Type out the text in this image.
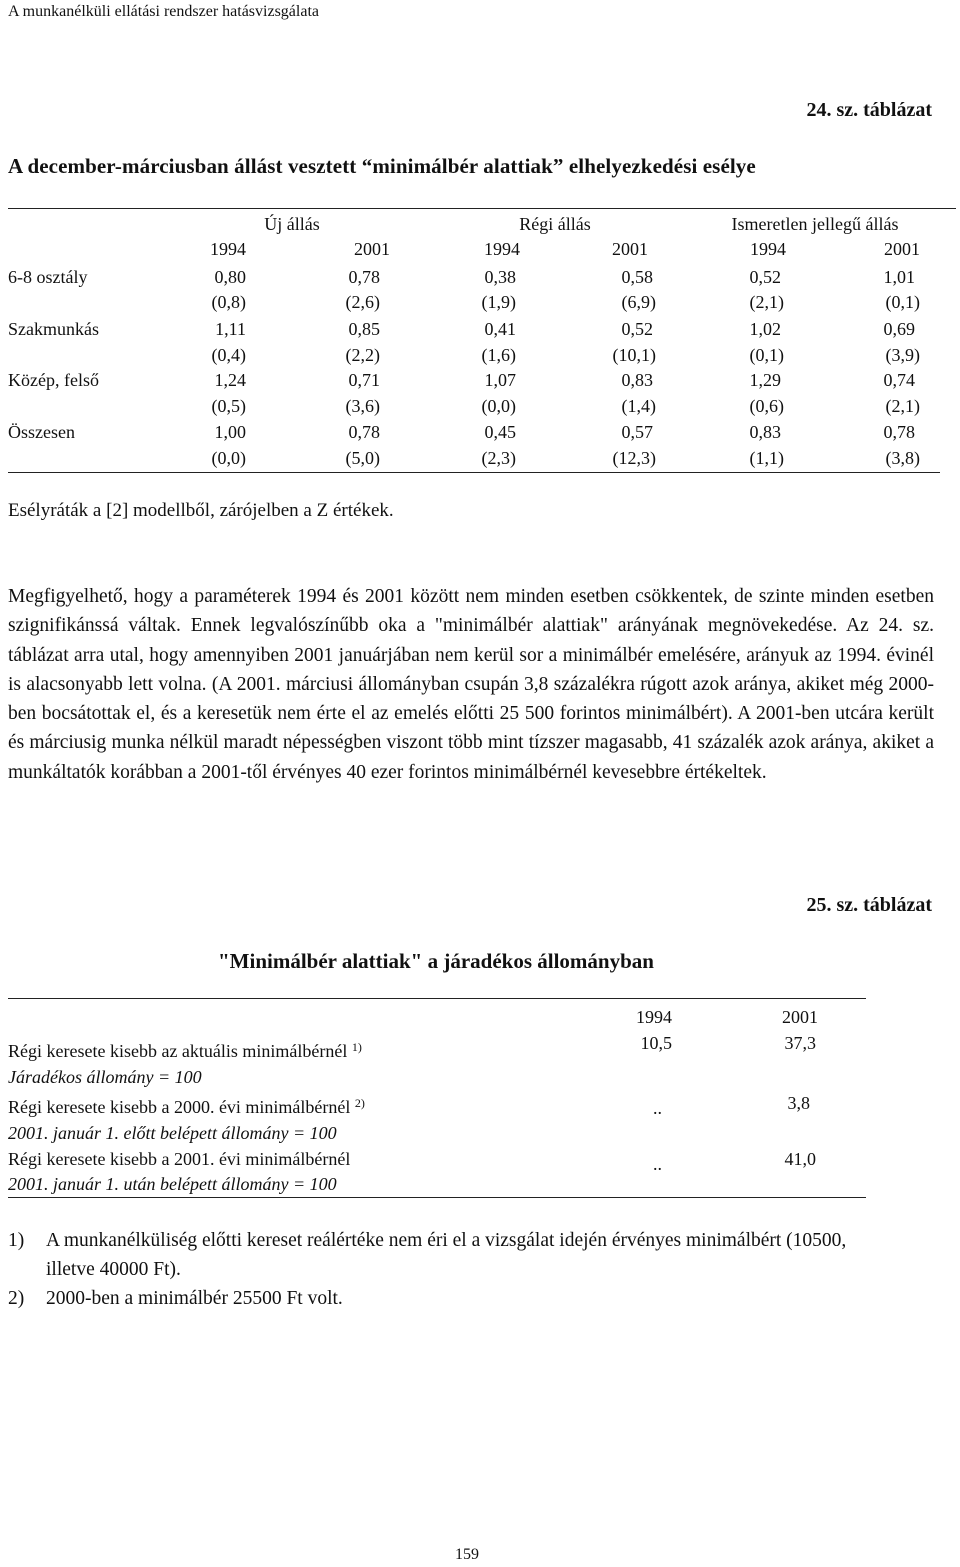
A munkanélküli ellátási rendszer hatásvizsgálata
24. sz. táblázat
A december-márciusban állást vesztett “minimálbér alattiak” elhelyezkedési esélye
Új állás	Régi állás	Ismeretlen jellegű állás
1994	2001	1994	2001	1994	2001
6-8 osztály	0,80	0,78	0,38	0,58	0,52	1,01
(0,8)	(2,6)	(1,9)	(6,9)	(2,1)	(0,1)
Szakmunkás	1,11	0,85	0,41	0,52	1,02	0,69
(0,4)	(2,2)	(1,6)	(10,1)	(0,1)	(3,9)
Közép, felső	1,24	0,71	1,07	0,83	1,29	0,74
(0,5)	(3,6)	(0,0)	(1,4)	(0,6)	(2,1)
Összesen	1,00	0,78	0,45	0,57	0,83	0,78
(0,0)	(5,0)	(2,3)	(12,3)	(1,1)	(3,8)
Esélyráták a [2] modellből, zárójelben a Z értékek.
Megfigyelhető, hogy a paraméterek 1994 és 2001 között nem minden esetben csökkentek, de szinte minden esetben szignifikánssá váltak. Ennek legvalószínűbb oka a "minimálbér alattiak" arányának megnövekedése. Az 24. sz. táblázat arra utal, hogy amennyiben 2001 januárjában nem kerül sor a minimálbér emelésére, arányuk az 1994. évinél is alacsonyabb lett volna. (A 2001. márciusi állományban csupán 3,8 százalékra rúgott azok aránya, akiket még 2000-ben bocsátottak el, és a keresetük nem érte el az emelés előtti 25 500 forintos minimálbért). A 2001-ben utcára került és márciusig munka nélkül maradt népességben viszont több mint tízszer magasabb, 41 százalék azok aránya, akiket a munkáltatók korábban a 2001-től érvényes 40 ezer forintos minimálbérnél kevesebbre értékeltek.
25. sz. táblázat
"Minimálbér alattiak" a járadékos állományban
1994	2001
Régi keresete kisebb az aktuális minimálbérnél $^{1)}$
Járadékos állomány = 100
10,5	37,3
Régi keresete kisebb a 2000. évi minimálbérnél $^{2)}$
2001. január 1. előtt belépett állomány = 100
..	3,8
Régi keresete kisebb a 2001. évi minimálbérnél
2001. január 1. után belépett állomány = 100
..	41,0
1) A munkanélküliség előtti kereset reálértéke nem éri el a vizsgálat idején érvényes minimálbért (10500, illetve 40000 Ft).
2) 2000-ben a minimálbér 25500 Ft volt.
159
